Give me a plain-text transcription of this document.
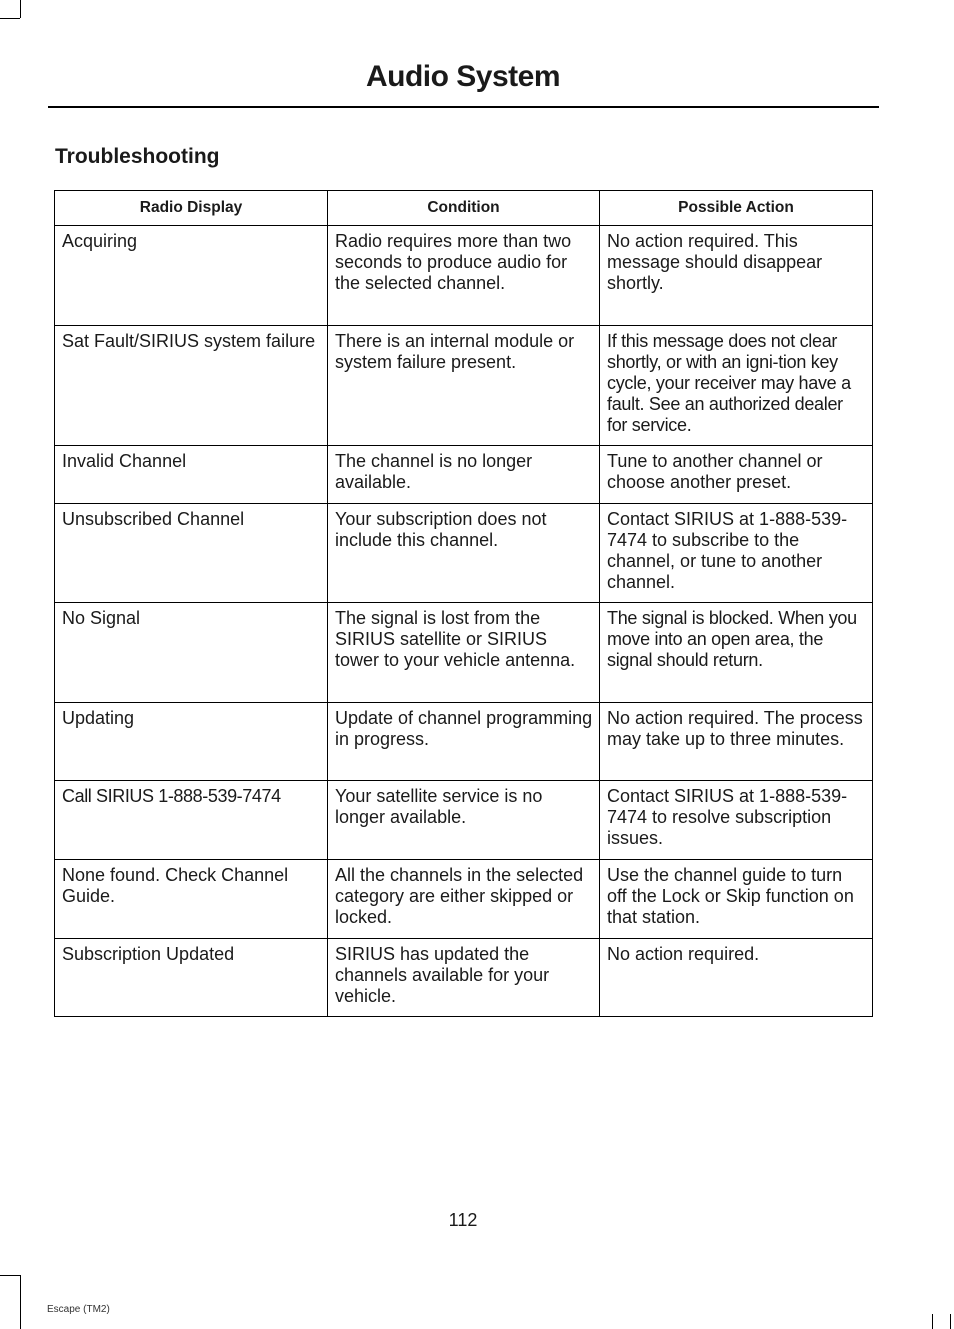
Audio System
Troubleshooting
Radio Display	Condition	Possible Action
Acquiring	Radio requires more than two seconds to produce audio for the selected channel.	No action required. This message should disappear shortly.
Sat Fault/SIRIUS system failure	There is an internal module or system failure present.	If this message does not clear shortly, or with an igni-tion key cycle, your receiver may have a fault. See an authorized dealer for service.
Invalid Channel	The channel is no longer available.	Tune to another channel or choose another preset.
Unsubscribed Channel	Your subscription does not include this channel.	Contact SIRIUS at 1-888-539-7474 to subscribe to the channel, or tune to another channel.
No Signal	The signal is lost from the SIRIUS satellite or SIRIUS tower to your vehicle antenna.	The signal is blocked. When you move into an open area, the signal should return.
Updating	Update of channel programming in progress.	No action required. The process may take up to three minutes.
Call SIRIUS 1-888-539-7474	Your satellite service is no longer available.	Contact SIRIUS at 1-888-539-7474 to resolve subscription issues.
None found. Check Channel Guide.	All the channels in the selected category are either skipped or locked.	Use the channel guide to turn off the Lock or Skip function on that station.
Subscription Updated	SIRIUS has updated the channels available for your vehicle.	No action required.
112
Escape (TM2)
